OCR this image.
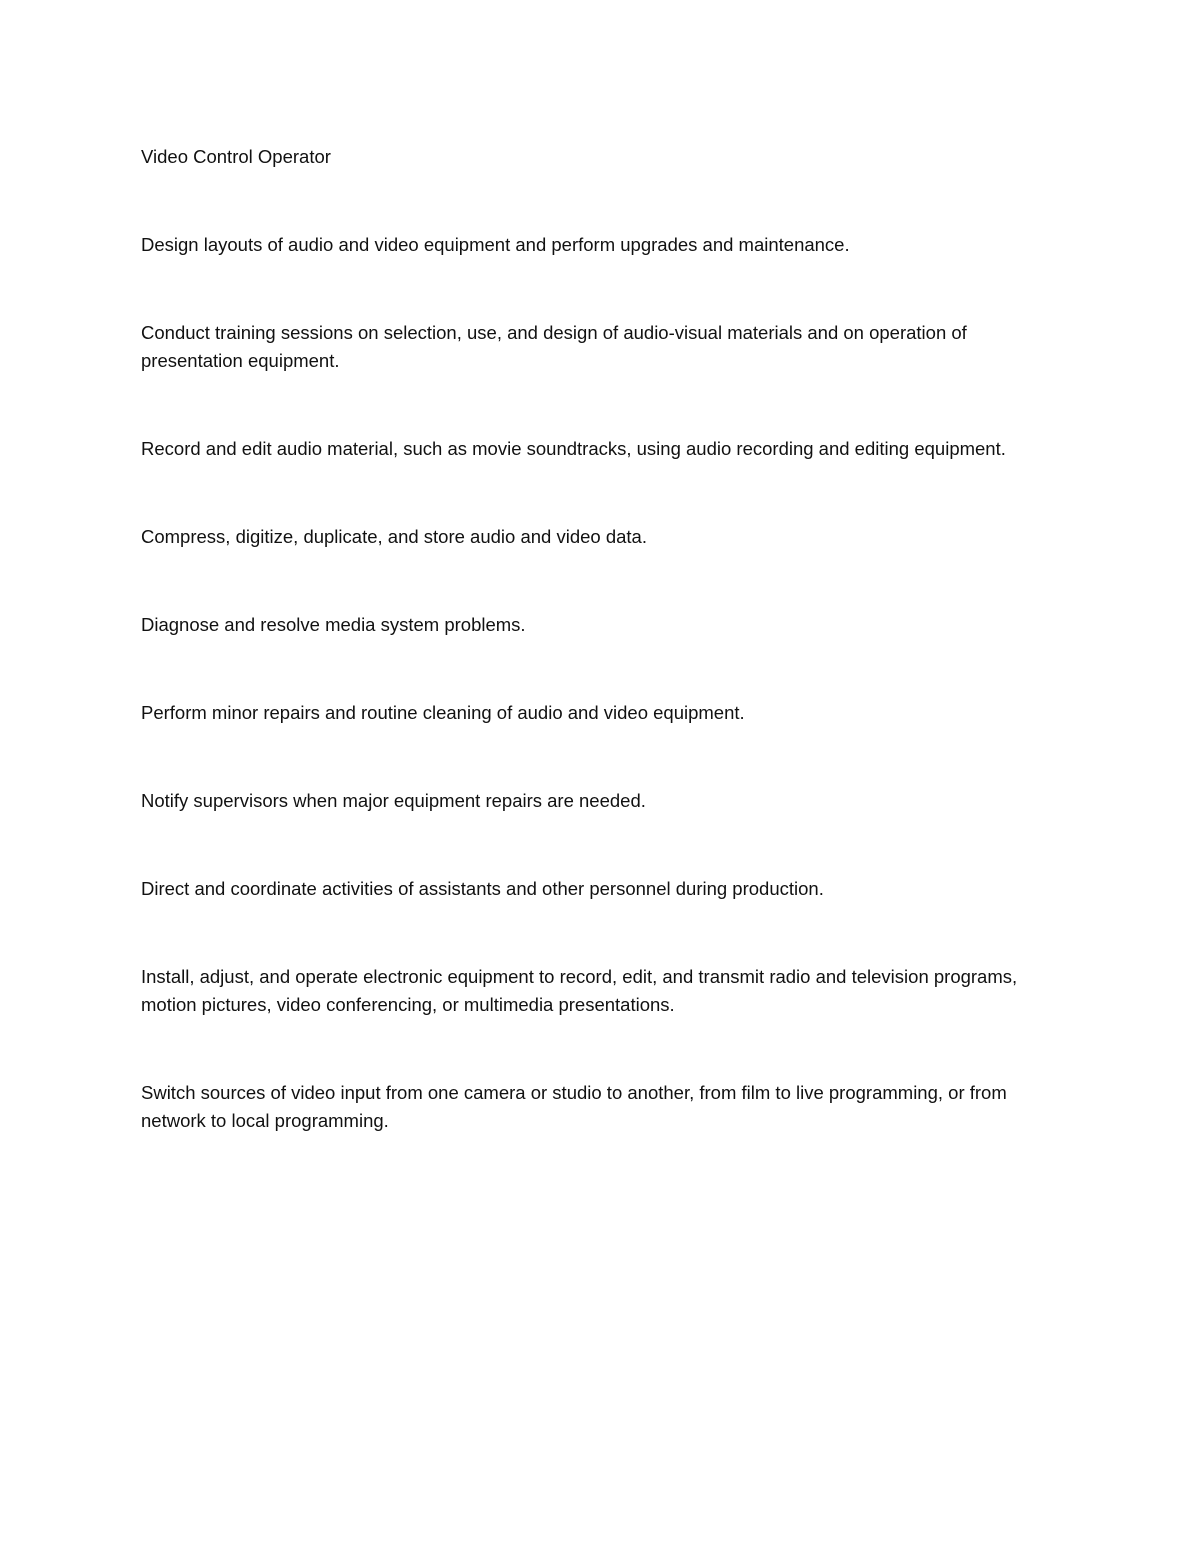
Video Control Operator

Design layouts of audio and video equipment and perform upgrades and maintenance.

Conduct training sessions on selection, use, and design of audio-visual materials and on operation of presentation equipment.

Record and edit audio material, such as movie soundtracks, using audio recording and editing equipment.

Compress, digitize, duplicate, and store audio and video data.

Diagnose and resolve media system problems.

Perform minor repairs and routine cleaning of audio and video equipment.

Notify supervisors when major equipment repairs are needed.

Direct and coordinate activities of assistants and other personnel during production.

Install, adjust, and operate electronic equipment to record, edit, and transmit radio and television programs, motion pictures, video conferencing, or multimedia presentations.

Switch sources of video input from one camera or studio to another, from film to live programming, or from network to local programming.
